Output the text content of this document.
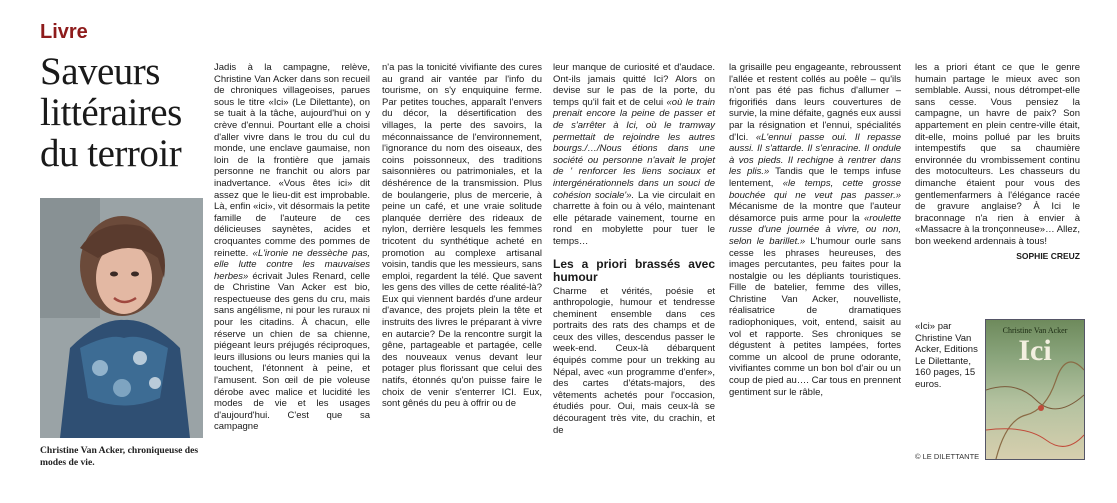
Livre
Saveurs littéraires du terroir
Christine Van Acker, chroniqueuse des modes de vie.

Jadis à la campagne, relève, Christine Van Acker dans son recueil de chroniques villageoises, parues sous le titre «Ici» (Le Dilettante), on se tuait à la tâche, aujourd'hui on y crève d'ennui. Pourtant elle a choisi d'aller vivre dans le trou du cul du monde, une enclave gaumaise, non loin de la frontière que jamais personne ne franchit ou alors par inadvertance. «Vous êtes ici» dit assez que le lieu-dit est improbable. Là, enfin «ici», vit désormais la petite famille de l'auteure de ces délicieuses saynètes, acides et croquantes comme des pommes de reinette. «L'ironie ne dessèche pas, elle lutte contre les mauvaises herbes» écrivait Jules Renard, celle de Christine Van Acker est bio, respectueuse des gens du cru, mais sans angélisme, ni pour les ruraux ni pour les citadins. À chacun, elle réserve un chien de sa chienne, piégeant leurs préjugés réciproques, leurs illusions ou leurs manies qui la touchent, l'étonnent à peine, et l'amusent. Son œil de pie voleuse dérobe avec malice et lucidité les modes de vie et les usages d'aujourd'hui. C'est que sa campagne

n'a pas la tonicité vivifiante des cures au grand air vantée par l'info du tourisme, on s'y enquiquine ferme. Par petites touches, apparaît l'envers du décor, la désertification des villages, la perte des savoirs, la méconnaissance de l'environnement, l'ignorance du nom des oiseaux, des coins poissonneux, des traditions saisonnières ou patrimoniales, et la déshérence de la transmission. Plus de boulangerie, plus de mercerie, à peine un café, et une vraie solitude planquée derrière des rideaux de nylon, derrière lesquels les femmes tricotent du synthétique acheté en promotion au complexe artisanal voisin, tandis que les messieurs, sans emploi, regardent la télé. Que savent les gens des villes de cette réalité-là? Eux qui viennent bardés d'une ardeur d'avance, des projets plein la tête et instruits des livres le préparant à vivre en autarcie? De la rencontre surgit la gêne, partageable et partagée, celle des nouveaux venus devant leur potager plus florissant que celui des natifs, étonnés qu'on puisse faire le choix de venir s'enterrer ICI. Eux, sont gênés du peu à offrir ou de

leur manque de curiosité et d'audace. Ont-ils jamais quitté Ici? Alors on devise sur le pas de la porte, du temps qu'il fait et de celui «où le train prenait encore la peine de passer et de s'arrêter à Ici, où le tramway permettait de rejoindre les autres bourgs./…/Nous étions dans une société ou personne n'avait le projet de ' renforcer les liens sociaux et intergénérationnels dans un souci de cohésion sociale'». La vie circulait en charrette à foin ou à vélo, maintenant elle pétarade vainement, tourne en rond en mobylette pour tuer le temps…

Les a priori brassés avec humour

Charme et vérités, poésie et anthropologie, humour et tendresse cheminent ensemble dans ces portraits des rats des champs et de ceux des villes, descendus passer le week-end. Ceux-là débarquent équipés comme pour un trekking au Népal, avec «un programme d'enfer», des cartes d'états-majors, des vêtements achetés pour l'occasion, étudiés pour. Oui, mais ceux-là se découragent très vite, du crachin, et de

la grisaille peu engageante, rebroussent l'allée et restent collés au poêle – qu'ils n'ont pas été pas fichus d'allumer – frigorifiés dans leurs couvertures de survie, la mine défaite, gagnés eux aussi par la résignation et l'ennui, spécialités d'Ici. «L'ennui passe oui. Il repasse aussi. Il s'attarde. Il s'enracine. Il ondule à vos pieds. Il rechigne à rentrer dans les plis.» Tandis que le temps infuse lentement, «le temps, cette grosse bouchée qui ne veut pas passer.» Mécanisme de la montre que l'auteur désamorce puis arme pour la «roulette russe d'une journée à vivre, ou non, selon le barillet.» L'humour ourle sans cesse les phrases heureuses, des images percutantes, peu faites pour la nostalgie ou les dépliants touristiques. Fille de batelier, femme des villes, Christine Van Acker, nouvelliste, réalisatrice de dramatiques radiophoniques, voit, entend, saisit au vol et rapporte. Ses chroniques se dégustent à petites lampées, fortes comme un alcool de prune odorante, vivifiantes comme un bon bol d'air ou un coup de pied au…. Car tous en prennent gentiment sur le râble,

les a priori étant ce que le genre humain partage le mieux avec son semblable. Aussi, nous détrompet-elle sans cesse. Vous pensiez la campagne, un havre de paix? Son appartement en plein centre-ville était, dit-elle, moins pollué par les bruits intempestifs que sa chaumière environnée du vrombissement continu des motoculteurs. Les chasseurs du dimanche étaient pour vous des gentlemenfarmers à l'élégance racée de gravure anglaise? À Ici le braconnage n'a rien à envier à «Massacre à la tronçonneuse»… Allez, bon weekend ardennais à tous!

SOPHIE CREUZ
«Ici» par Christine Van Acker, Editions Le Dilettante, 160 pages, 15 euros.
Christine Van Acker
Ici
© LE DILETTANTE
